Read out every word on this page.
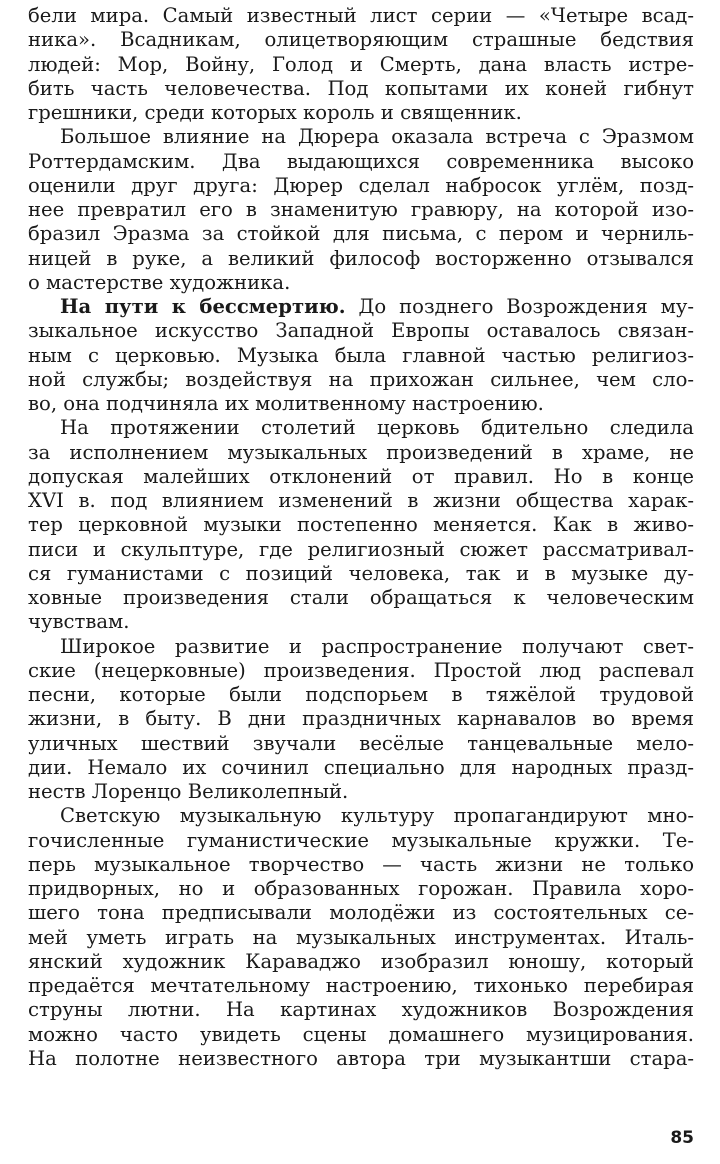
бели мира. Самый известный лист серии — «Четыре всад-
ника». Всадникам, олицетворяющим страшные бедствия
людей: Мор, Войну, Голод и Смерть, дана власть истре-
бить часть человечества. Под копытами их коней гибнут
грешники, среди которых король и священник.
Большое влияние на Дюрера оказала встреча с Эразмом
Роттердамским. Два выдающихся современника высоко
оценили друг друга: Дюрер сделал набросок углём, позд-
нее превратил его в знаменитую гравюру, на которой изо-
бразил Эразма за стойкой для письма, с пером и черниль-
ницей в руке, а великий философ восторженно отзывался
о мастерстве художника.
На пути к бессмертию. До позднего Возрождения му-
зыкальное искусство Западной Европы оставалось связан-
ным с церковью. Музыка была главной частью религиоз-
ной службы; воздействуя на прихожан сильнее, чем сло-
во, она подчиняла их молитвенному настроению.
На протяжении столетий церковь бдительно следила
за исполнением музыкальных произведений в храме, не
допуская малейших отклонений от правил. Но в конце
XVI в. под влиянием изменений в жизни общества харак-
тер церковной музыки постепенно меняется. Как в живо-
писи и скульптуре, где религиозный сюжет рассматривал-
ся гуманистами с позиций человека, так и в музыке ду-
ховные произведения стали обращаться к человеческим
чувствам.
Широкое развитие и распространение получают свет-
ские (нецерковные) произведения. Простой люд распевал
песни, которые были подспорьем в тяжёлой трудовой
жизни, в быту. В дни праздничных карнавалов во время
уличных шествий звучали весёлые танцевальные мело-
дии. Немало их сочинил специально для народных празд-
неств Лоренцо Великолепный.
Светскую музыкальную культуру пропагандируют мно-
гочисленные гуманистические музыкальные кружки. Те-
перь музыкальное творчество — часть жизни не только
придворных, но и образованных горожан. Правила хоро-
шего тона предписывали молодёжи из состоятельных се-
мей уметь играть на музыкальных инструментах. Италь-
янский художник Караваджо изобразил юношу, который
предаётся мечтательному настроению, тихонько перебирая
струны лютни. На картинах художников Возрождения
можно часто увидеть сцены домашнего музицирования.
На полотне неизвестного автора три музыкантши стара-
85
